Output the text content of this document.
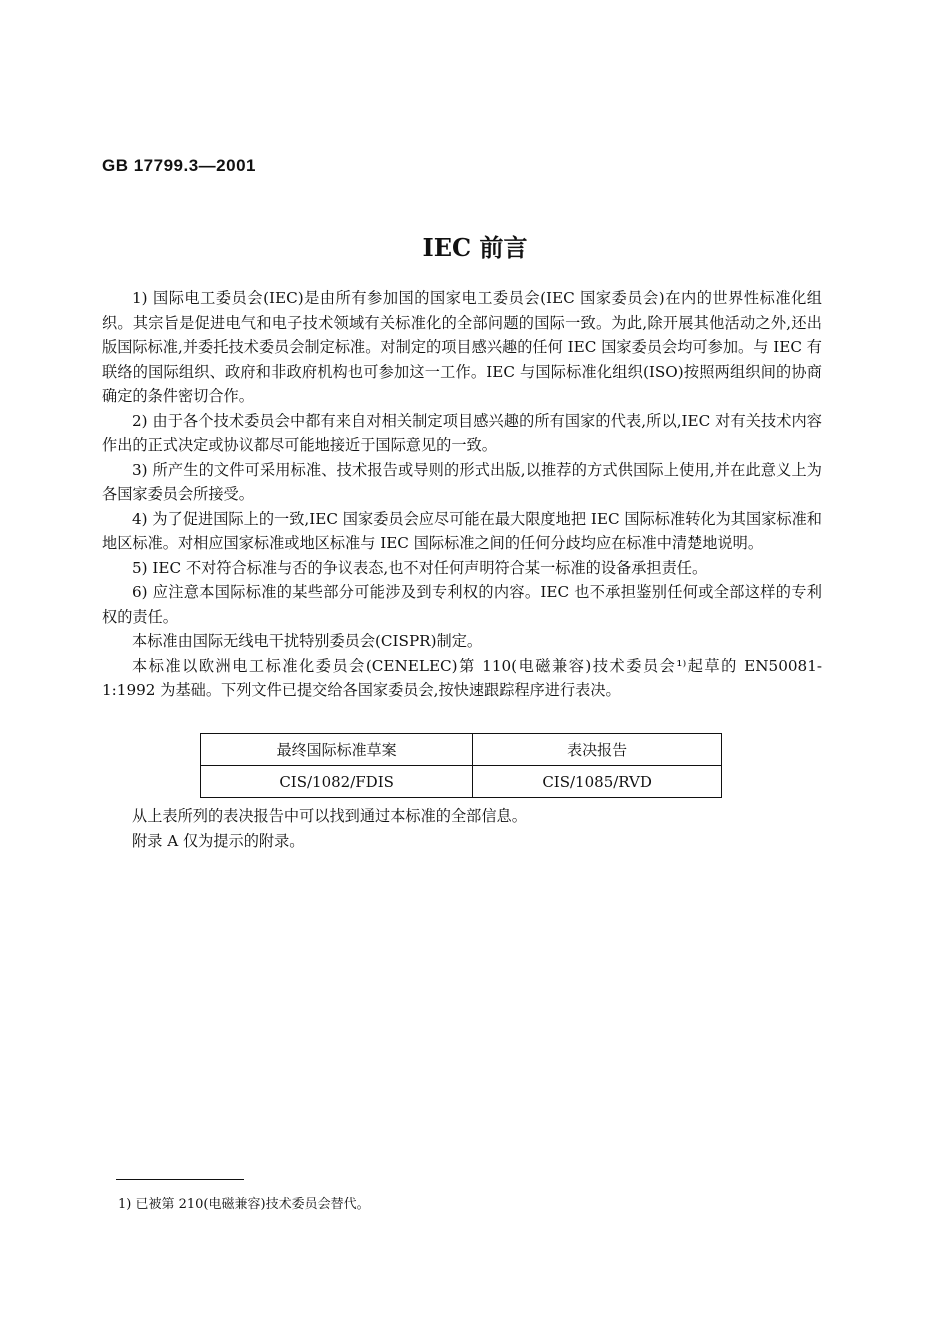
GB 17799.3—2001
IEC 前言

1) 国际电工委员会(IEC)是由所有参加国的国家电工委员会(IEC 国家委员会)在内的世界性标准化组织。其宗旨是促进电气和电子技术领域有关标准化的全部问题的国际一致。为此,除开展其他活动之外,还出版国际标准,并委托技术委员会制定标准。对制定的项目感兴趣的任何 IEC 国家委员会均可参加。与 IEC 有联络的国际组织、政府和非政府机构也可参加这一工作。IEC 与国际标准化组织(ISO)按照两组织间的协商确定的条件密切合作。

2) 由于各个技术委员会中都有来自对相关制定项目感兴趣的所有国家的代表,所以,IEC 对有关技术内容作出的正式决定或协议都尽可能地接近于国际意见的一致。

3) 所产生的文件可采用标准、技术报告或导则的形式出版,以推荐的方式供国际上使用,并在此意义上为各国家委员会所接受。

4) 为了促进国际上的一致,IEC 国家委员会应尽可能在最大限度地把 IEC 国际标准转化为其国家标准和地区标准。对相应国家标准或地区标准与 IEC 国际标准之间的任何分歧均应在标准中清楚地说明。

5) IEC 不对符合标准与否的争议表态,也不对任何声明符合某一标准的设备承担责任。

6) 应注意本国际标准的某些部分可能涉及到专利权的内容。IEC 也不承担鉴别任何或全部这样的专利权的责任。

本标准由国际无线电干扰特别委员会(CISPR)制定。

本标准以欧洲电工标准化委员会(CENELEC)第 110(电磁兼容)技术委员会¹⁾起草的 EN50081-1:1992 为基础。下列文件已提交给各国家委员会,按快速跟踪程序进行表决。

最终国际标准草案	表决报告
CIS/1082/FDIS	CIS/1085/RVD

从上表所列的表决报告中可以找到通过本标准的全部信息。

附录 A 仅为提示的附录。

1) 已被第 210(电磁兼容)技术委员会替代。
